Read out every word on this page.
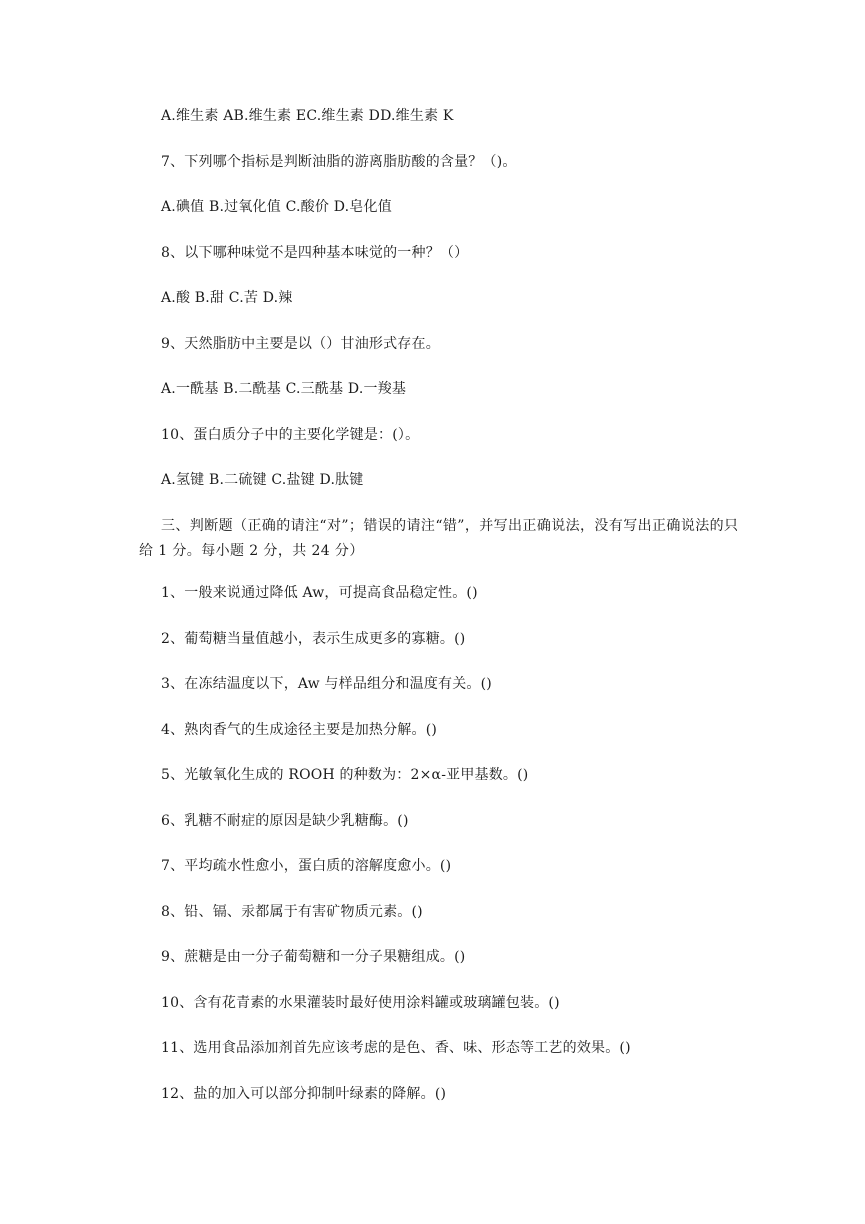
A.维生素 AB.维生素 EC.维生素 DD.维生素 K
7、下列哪个指标是判断油脂的游离脂肪酸的含量？（)。
A.碘值 B.过氧化值 C.酸价 D.皂化值
8、以下哪种味觉不是四种基本味觉的一种？（）
A.酸 B.甜 C.苦 D.辣
9、天然脂肪中主要是以（）甘油形式存在。
A.一酰基 B.二酰基 C.三酰基 D.一羧基
10、蛋白质分子中的主要化学键是：(）。
A.氢键 B.二硫键 C.盐键 D.肽键
三、判断题（正确的请注“对”；错误的请注“错”，并写出正确说法，没有写出正确说法的只给 1 分。每小题 2 分，共 24 分）
1、一般来说通过降低 Aw，可提高食品稳定性。()
2、葡萄糖当量值越小，表示生成更多的寡糖。()
3、在冻结温度以下，Aw 与样品组分和温度有关。()
4、熟肉香气的生成途径主要是加热分解。()
5、光敏氧化生成的 ROOH 的种数为：2×α-亚甲基数。()
6、乳糖不耐症的原因是缺少乳糖酶。()
7、平均疏水性愈小，蛋白质的溶解度愈小。()
8、铅、镉、汞都属于有害矿物质元素。()
9、蔗糖是由一分子葡萄糖和一分子果糖组成。()
10、含有花青素的水果灌装时最好使用涂料罐或玻璃罐包装。()
11、选用食品添加剂首先应该考虑的是色、香、味、形态等工艺的效果。()
12、盐的加入可以部分抑制叶绿素的降解。()
